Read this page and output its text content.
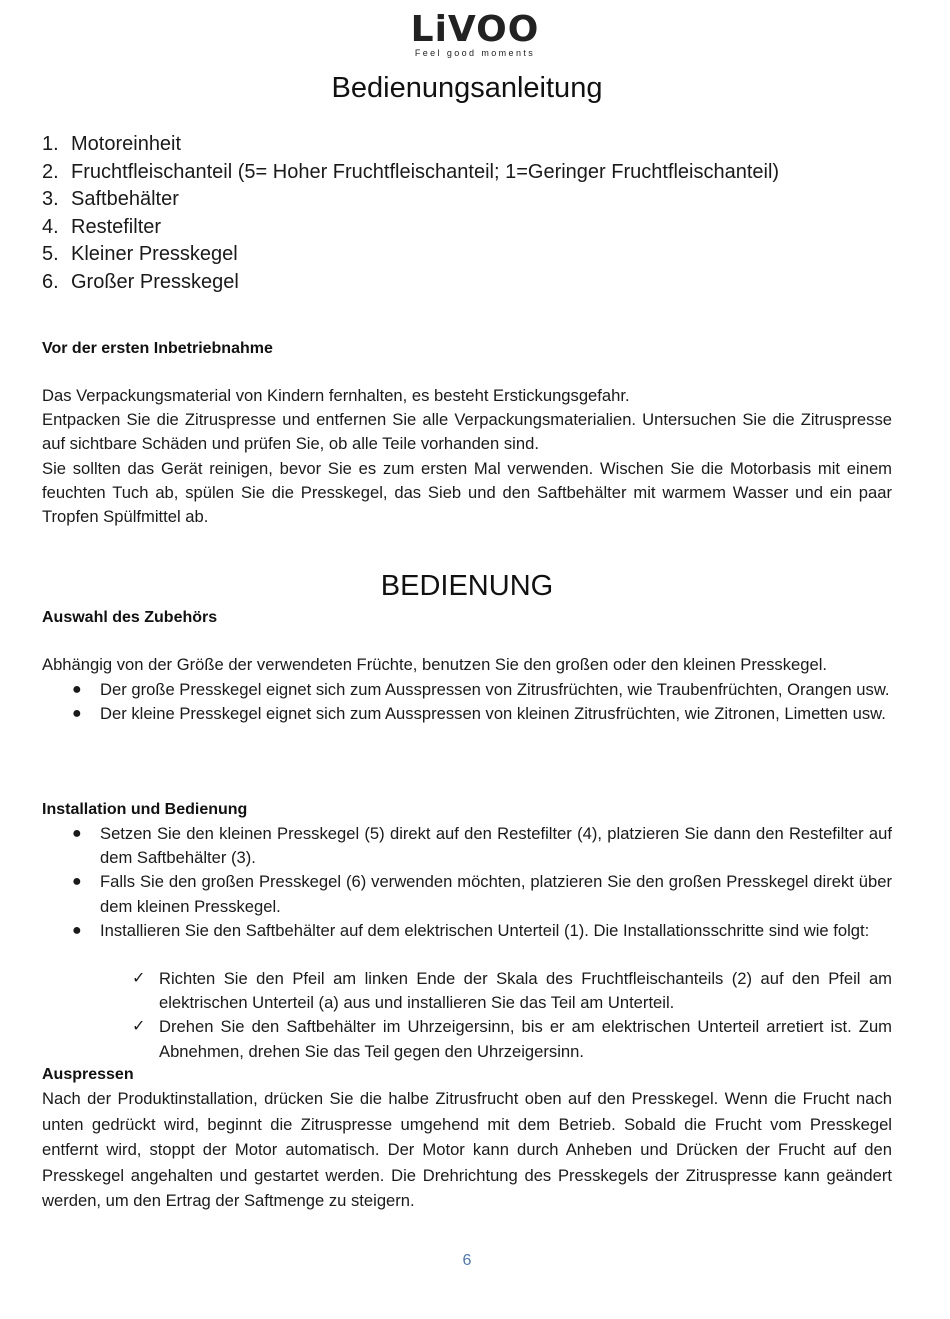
LiVOO
Feel good moments
Bedienungsanleitung
1. Motoreinheit
2. Fruchtfleischanteil (5= Hoher Fruchtfleischanteil; 1=Geringer Fruchtfleischanteil)
3. Saftbehälter
4. Restefilter
5. Kleiner Presskegel
6. Großer Presskegel
Vor der ersten Inbetriebnahme

Das Verpackungsmaterial von Kindern fernhalten, es besteht Erstickungsgefahr.
Entpacken Sie die Zitruspresse und entfernen Sie alle Verpackungsmaterialien. Untersuchen Sie die Zitruspresse auf sichtbare Schäden und prüfen Sie, ob alle Teile vorhanden sind.
Sie sollten das Gerät reinigen, bevor Sie es zum ersten Mal verwenden. Wischen Sie die Motorbasis mit einem feuchten Tuch ab, spülen Sie die Presskegel, das Sieb und den Saftbehälter mit warmem Wasser und ein paar Tropfen Spülfmittel ab.

BEDIENUNG
Auswahl des Zubehörs

Abhängig von der Größe der verwendeten Früchte, benutzen Sie den großen oder den kleinen Presskegel.

● Der große Presskegel eignet sich zum Ausspressen von Zitrusfrüchten, wie Traubenfrüchten, Orangen usw.
● Der kleine Presskegel eignet sich zum Ausspressen von kleinen Zitrusfrüchten, wie Zitronen, Limetten usw.
Installation und Bedienung
● Setzen Sie den kleinen Presskegel (5) direkt auf den Restefilter (4), platzieren Sie dann den Restefilter auf dem Saftbehälter (3).
● Falls Sie den großen Presskegel (6) verwenden möchten, platzieren Sie den großen Presskegel direkt über dem kleinen Presskegel.
● Installieren Sie den Saftbehälter auf dem elektrischen Unterteil (1). Die Installationsschritte sind wie folgt:
✓ Richten Sie den Pfeil am linken Ende der Skala des Fruchtfleischanteils (2) auf den Pfeil am elektrischen Unterteil (a) aus und installieren Sie das Teil am Unterteil.
✓ Drehen Sie den Saftbehälter im Uhrzeigersinn, bis er am elektrischen Unterteil arretiert ist. Zum Abnehmen, drehen Sie das Teil gegen den Uhrzeigersinn.
Auspressen

Nach der Produktinstallation, drücken Sie die halbe Zitrusfrucht oben auf den Presskegel. Wenn die Frucht nach unten gedrückt wird, beginnt die Zitruspresse umgehend mit dem Betrieb. Sobald die Frucht vom Presskegel entfernt wird, stoppt der Motor automatisch. Der Motor kann durch Anheben und Drücken der Frucht auf den Presskegel angehalten und gestartet werden. Die Drehrichtung des Presskegels der Zitruspresse kann geändert werden, um den Ertrag der Saftmenge zu steigern.

6
